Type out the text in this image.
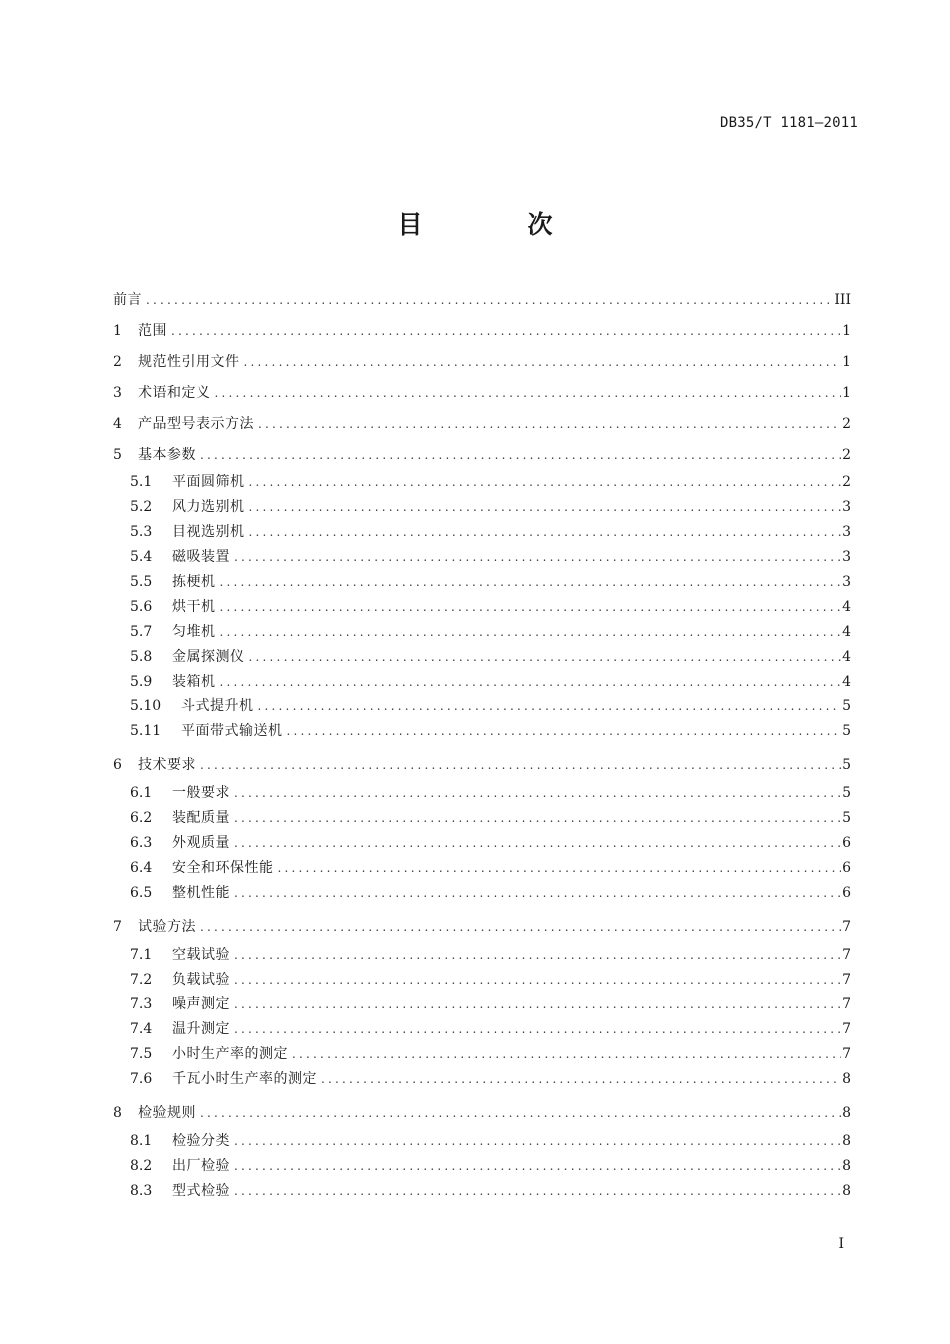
DB35/T 1181—2011
目　次
前言 .....	III
1	范围 .....	1
2	规范性引用文件 .....	1
3	术语和定义 .....	1
4	产品型号表示方法 .....	2
5	基本参数 .....	2
5.1	平面圆筛机 .....	2
5.2	风力选别机 .....	3
5.3	目视选别机 .....	3
5.4	磁吸装置 .....	3
5.5	拣梗机 .....	3
5.6	烘干机 .....	4
5.7	匀堆机 .....	4
5.8	金属探测仪 .....	4
5.9	装箱机 .....	4
5.10	斗式提升机 .....	5
5.11	平面带式输送机 .....	5
6	技术要求 .....	5
6.1	一般要求 .....	5
6.2	装配质量 .....	5
6.3	外观质量 .....	6
6.4	安全和环保性能 .....	6
6.5	整机性能 .....	6
7	试验方法 .....	7
7.1	空载试验 .....	7
7.2	负载试验 .....	7
7.3	噪声测定 .....	7
7.4	温升测定 .....	7
7.5	小时生产率的测定 .....	7
7.6	千瓦小时生产率的测定 .....	8
8	检验规则 .....	8
8.1	检验分类 .....	8
8.2	出厂检验 .....	8
8.3	型式检验 .....	8
I
